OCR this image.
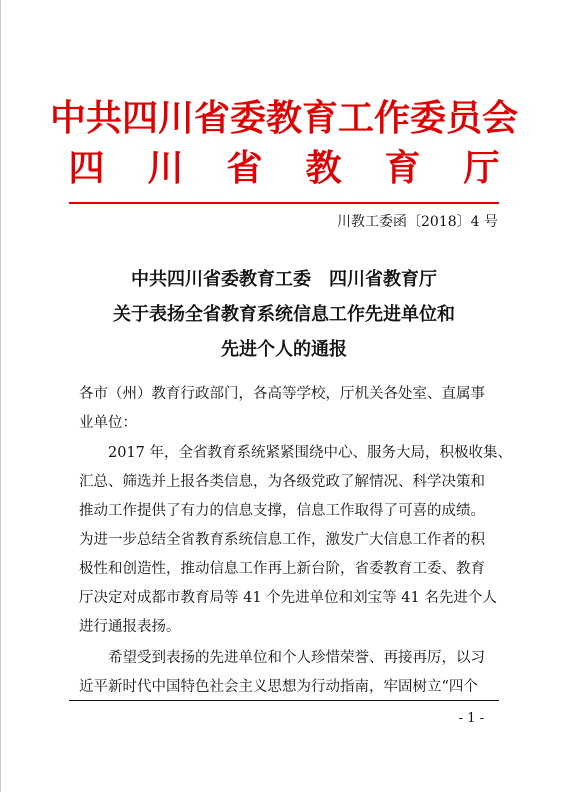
中共四川省委教育工作委员会
四川省教育厅
川教工委函〔2018〕4 号
中共四川省委教育工委　四川省教育厅
关于表扬全省教育系统信息工作先进单位和
先进个人的通报
各市（州）教育行政部门，各高等学校，厅机关各处室、直属事
业单位：
　　2017 年，全省教育系统紧紧围绕中心、服务大局，积极收集、
汇总、筛选并上报各类信息，为各级党政了解情况、科学决策和
推动工作提供了有力的信息支撑，信息工作取得了可喜的成绩。
为进一步总结全省教育系统信息工作，激发广大信息工作者的积
极性和创造性，推动信息工作再上新台阶，省委教育工委、教育
厅决定对成都市教育局等 41 个先进单位和刘宝等 41 名先进个人
进行通报表扬。
　　希望受到表扬的先进单位和个人珍惜荣誉、再接再厉，以习
近平新时代中国特色社会主义思想为行动指南，牢固树立“四个
- 1 -
